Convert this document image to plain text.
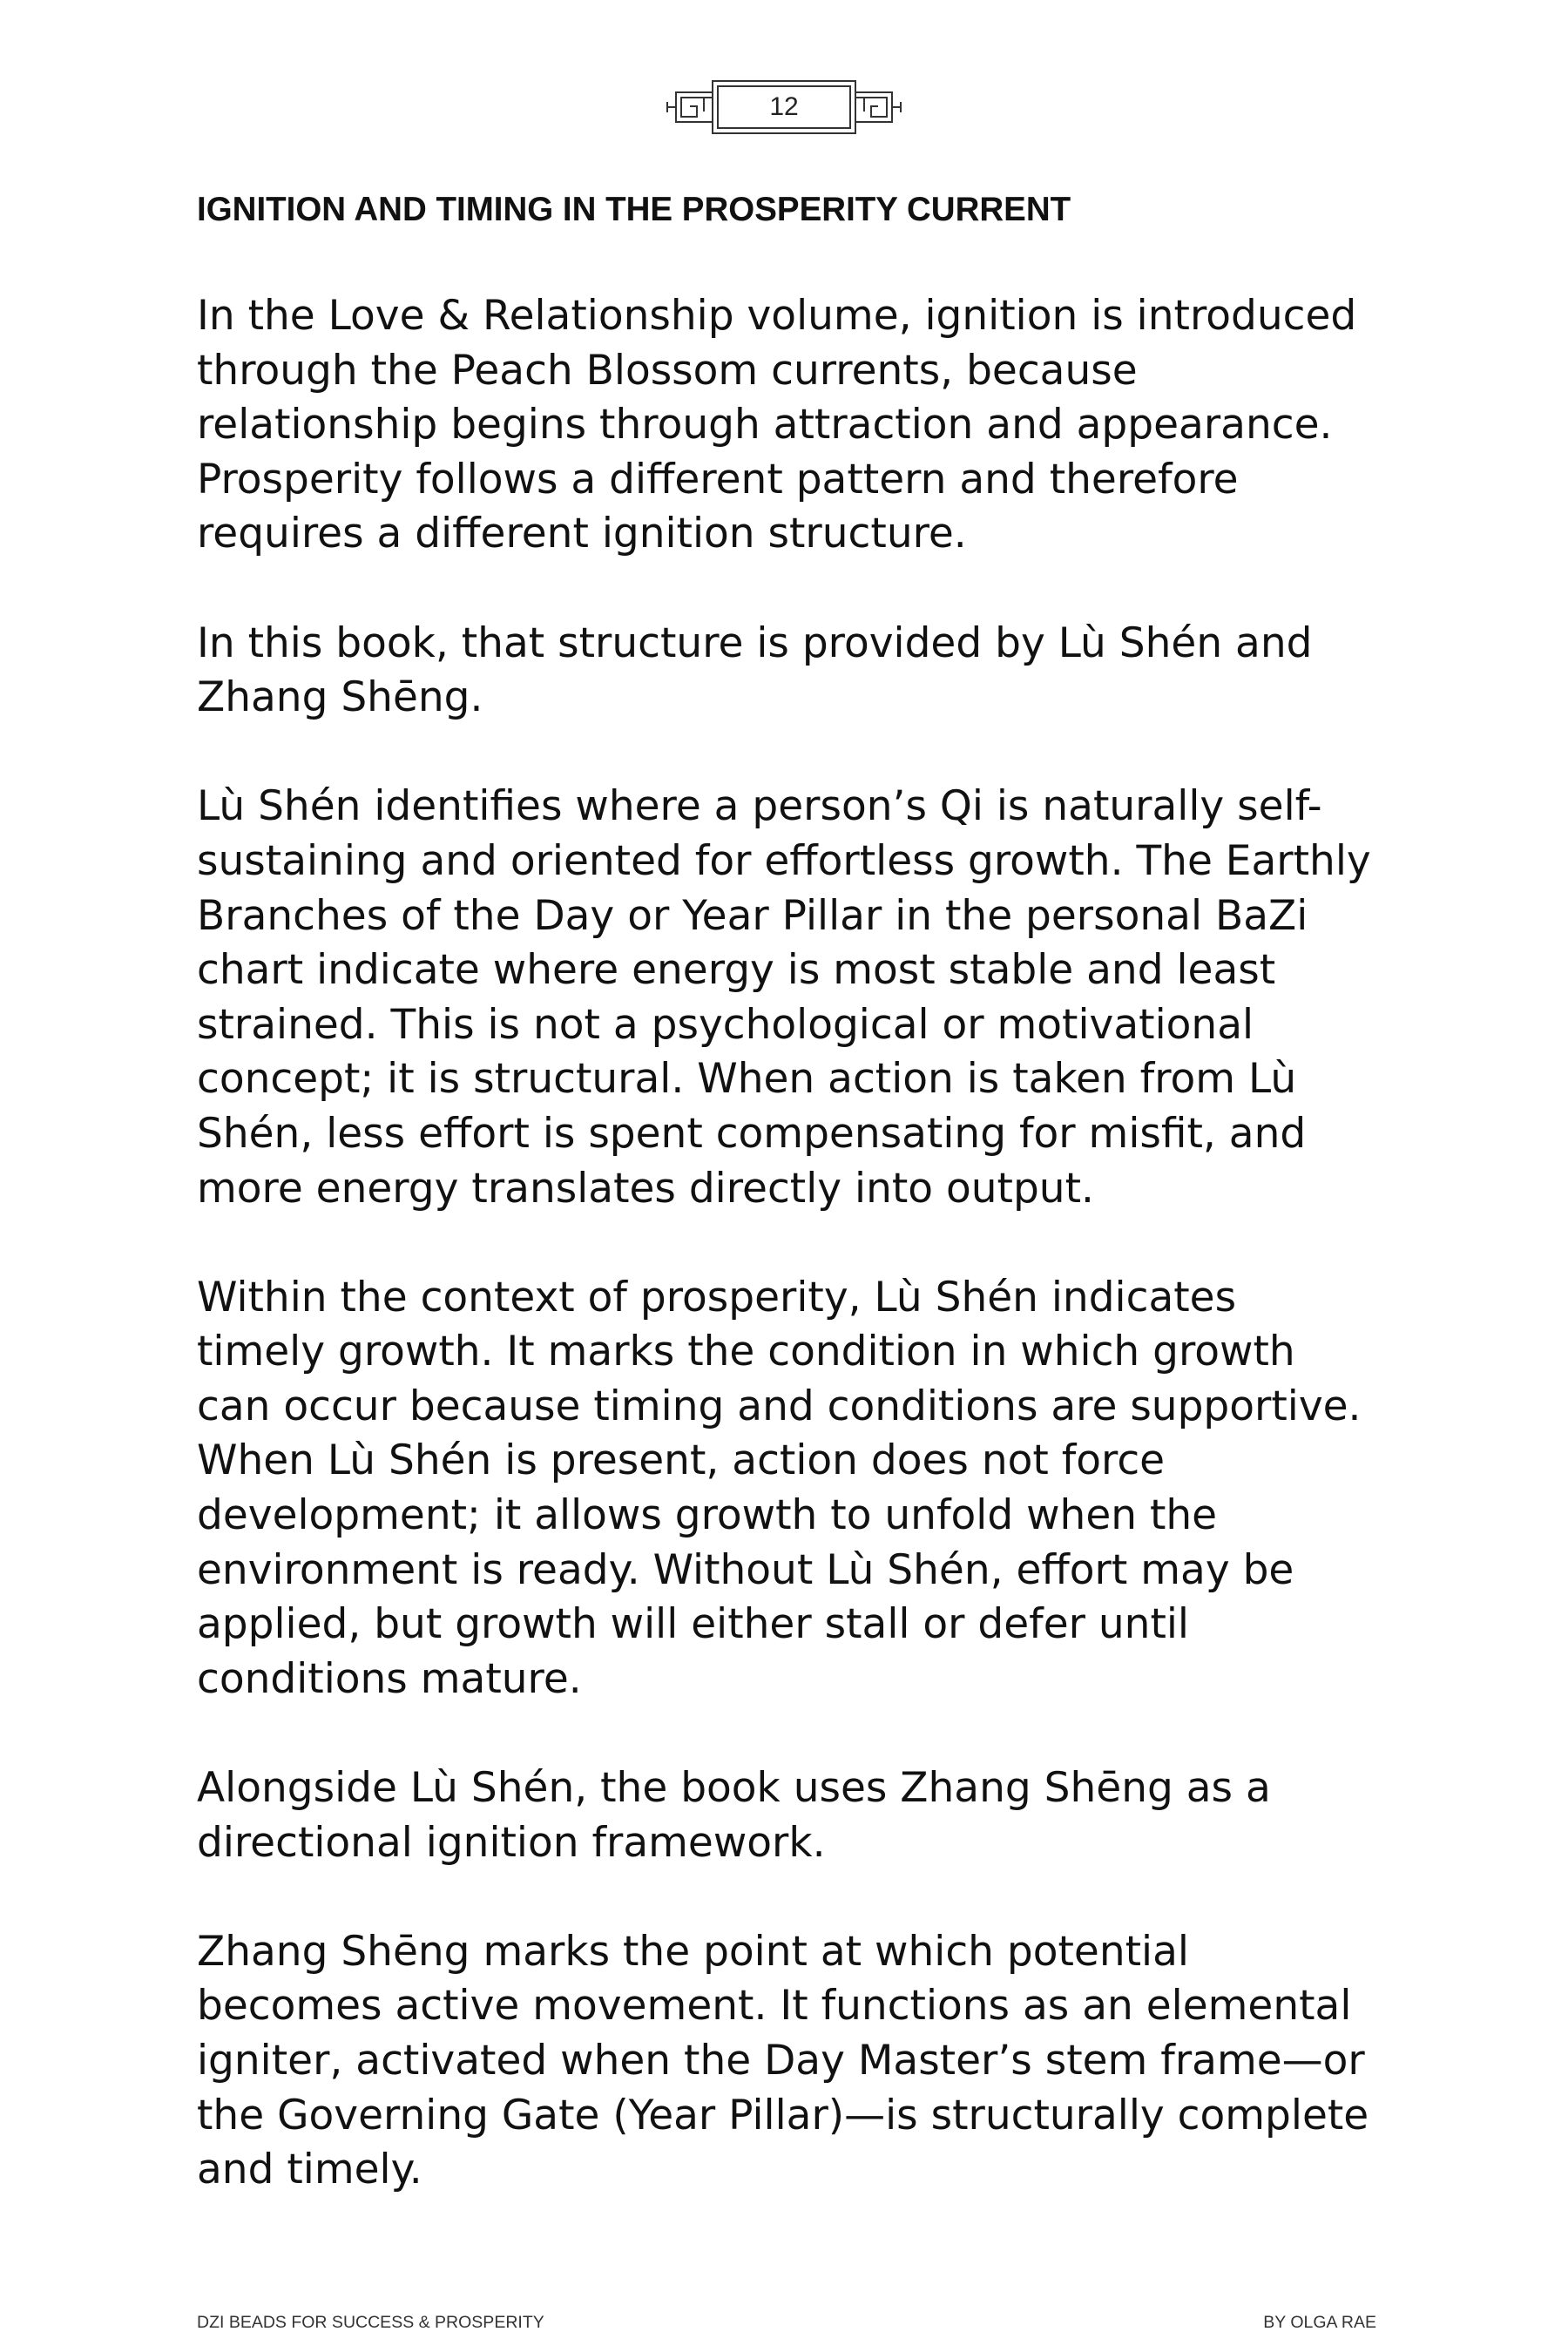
12
IGNITION AND TIMING IN THE PROSPERITY CURRENT

In the Love & Relationship volume, ignition is introduced through the Peach Blossom currents, because relationship begins through attraction and appearance. Prosperity follows a different pattern and therefore requires a different ignition structure.

In this book, that structure is provided by Lù Shén and Zhang Shēng.

Lù Shén identifies where a person’s Qi is naturally self-sustaining and oriented for effortless growth. The Earthly Branches of the Day or Year Pillar in the personal BaZi chart indicate where energy is most stable and least strained. This is not a psychological or motivational concept; it is structural. When action is taken from Lù Shén, less effort is spent compensating for misfit, and more energy translates directly into output.

Within the context of prosperity, Lù Shén indicates timely growth. It marks the condition in which growth can occur because timing and conditions are supportive. When Lù Shén is present, action does not force development; it allows growth to unfold when the environment is ready. Without Lù Shén, effort may be applied, but growth will either stall or defer until conditions mature.

Alongside Lù Shén, the book uses Zhang Shēng as a directional ignition framework.

Zhang Shēng marks the point at which potential becomes active movement. It functions as an elemental igniter, activated when the Day Master’s stem frame—or the Governing Gate (Year Pillar)—is structurally complete and timely.

DZI BEADS FOR SUCCESS & PROSPERITY	BY OLGA RAE
